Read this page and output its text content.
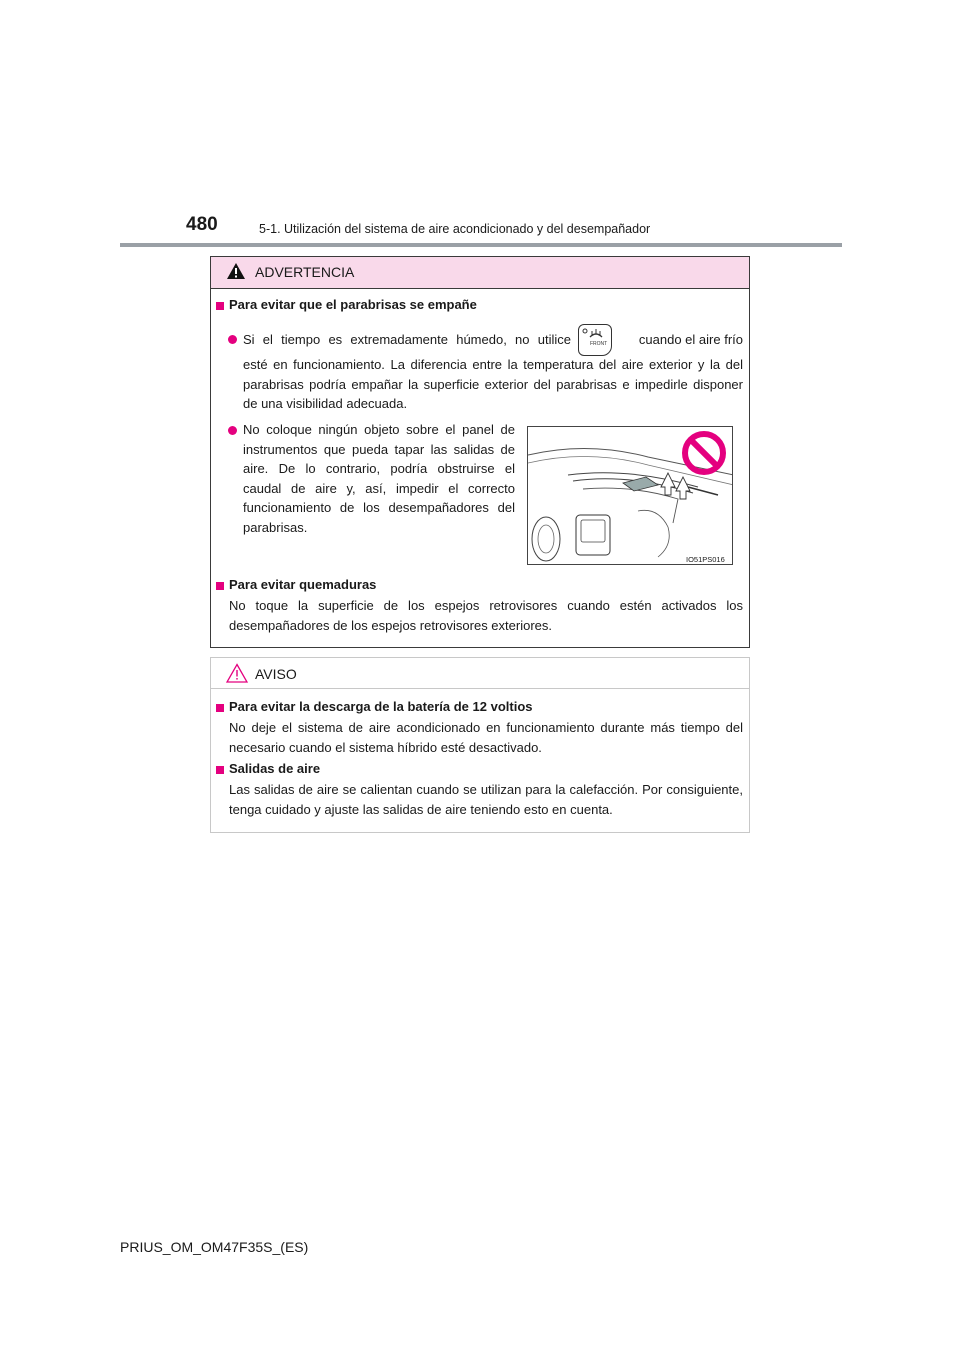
480	5-1. Utilización del sistema de aire acondicionado y del desempañador
ADVERTENCIA
Para evitar que el parabrisas se empañe
Si el tiempo es extremadamente húmedo, no utilice	FRONT cuando el aire frío
esté en funcionamiento. La diferencia entre la temperatura del aire exterior y la del parabrisas podría empañar la superficie exterior del parabrisas e impedirle disponer de una visibilidad adecuada.
No coloque ningún objeto sobre el panel de instrumentos que pueda tapar las salidas de aire. De lo contrario, podría obstruirse el caudal de aire y, así, impedir el correcto funcionamiento de los desempañadores del parabrisas.
IO51PS016
Para evitar quemaduras
No toque la superficie de los espejos retrovisores cuando estén activados los desempañadores de los espejos retrovisores exteriores.
AVISO
Para evitar la descarga de la batería de 12 voltios
No deje el sistema de aire acondicionado en funcionamiento durante más tiempo del necesario cuando el sistema híbrido esté desactivado.
Salidas de aire
Las salidas de aire se calientan cuando se utilizan para la calefacción. Por consiguiente, tenga cuidado y ajuste las salidas de aire teniendo esto en cuenta.
PRIUS_OM_OM47F35S_(ES)
